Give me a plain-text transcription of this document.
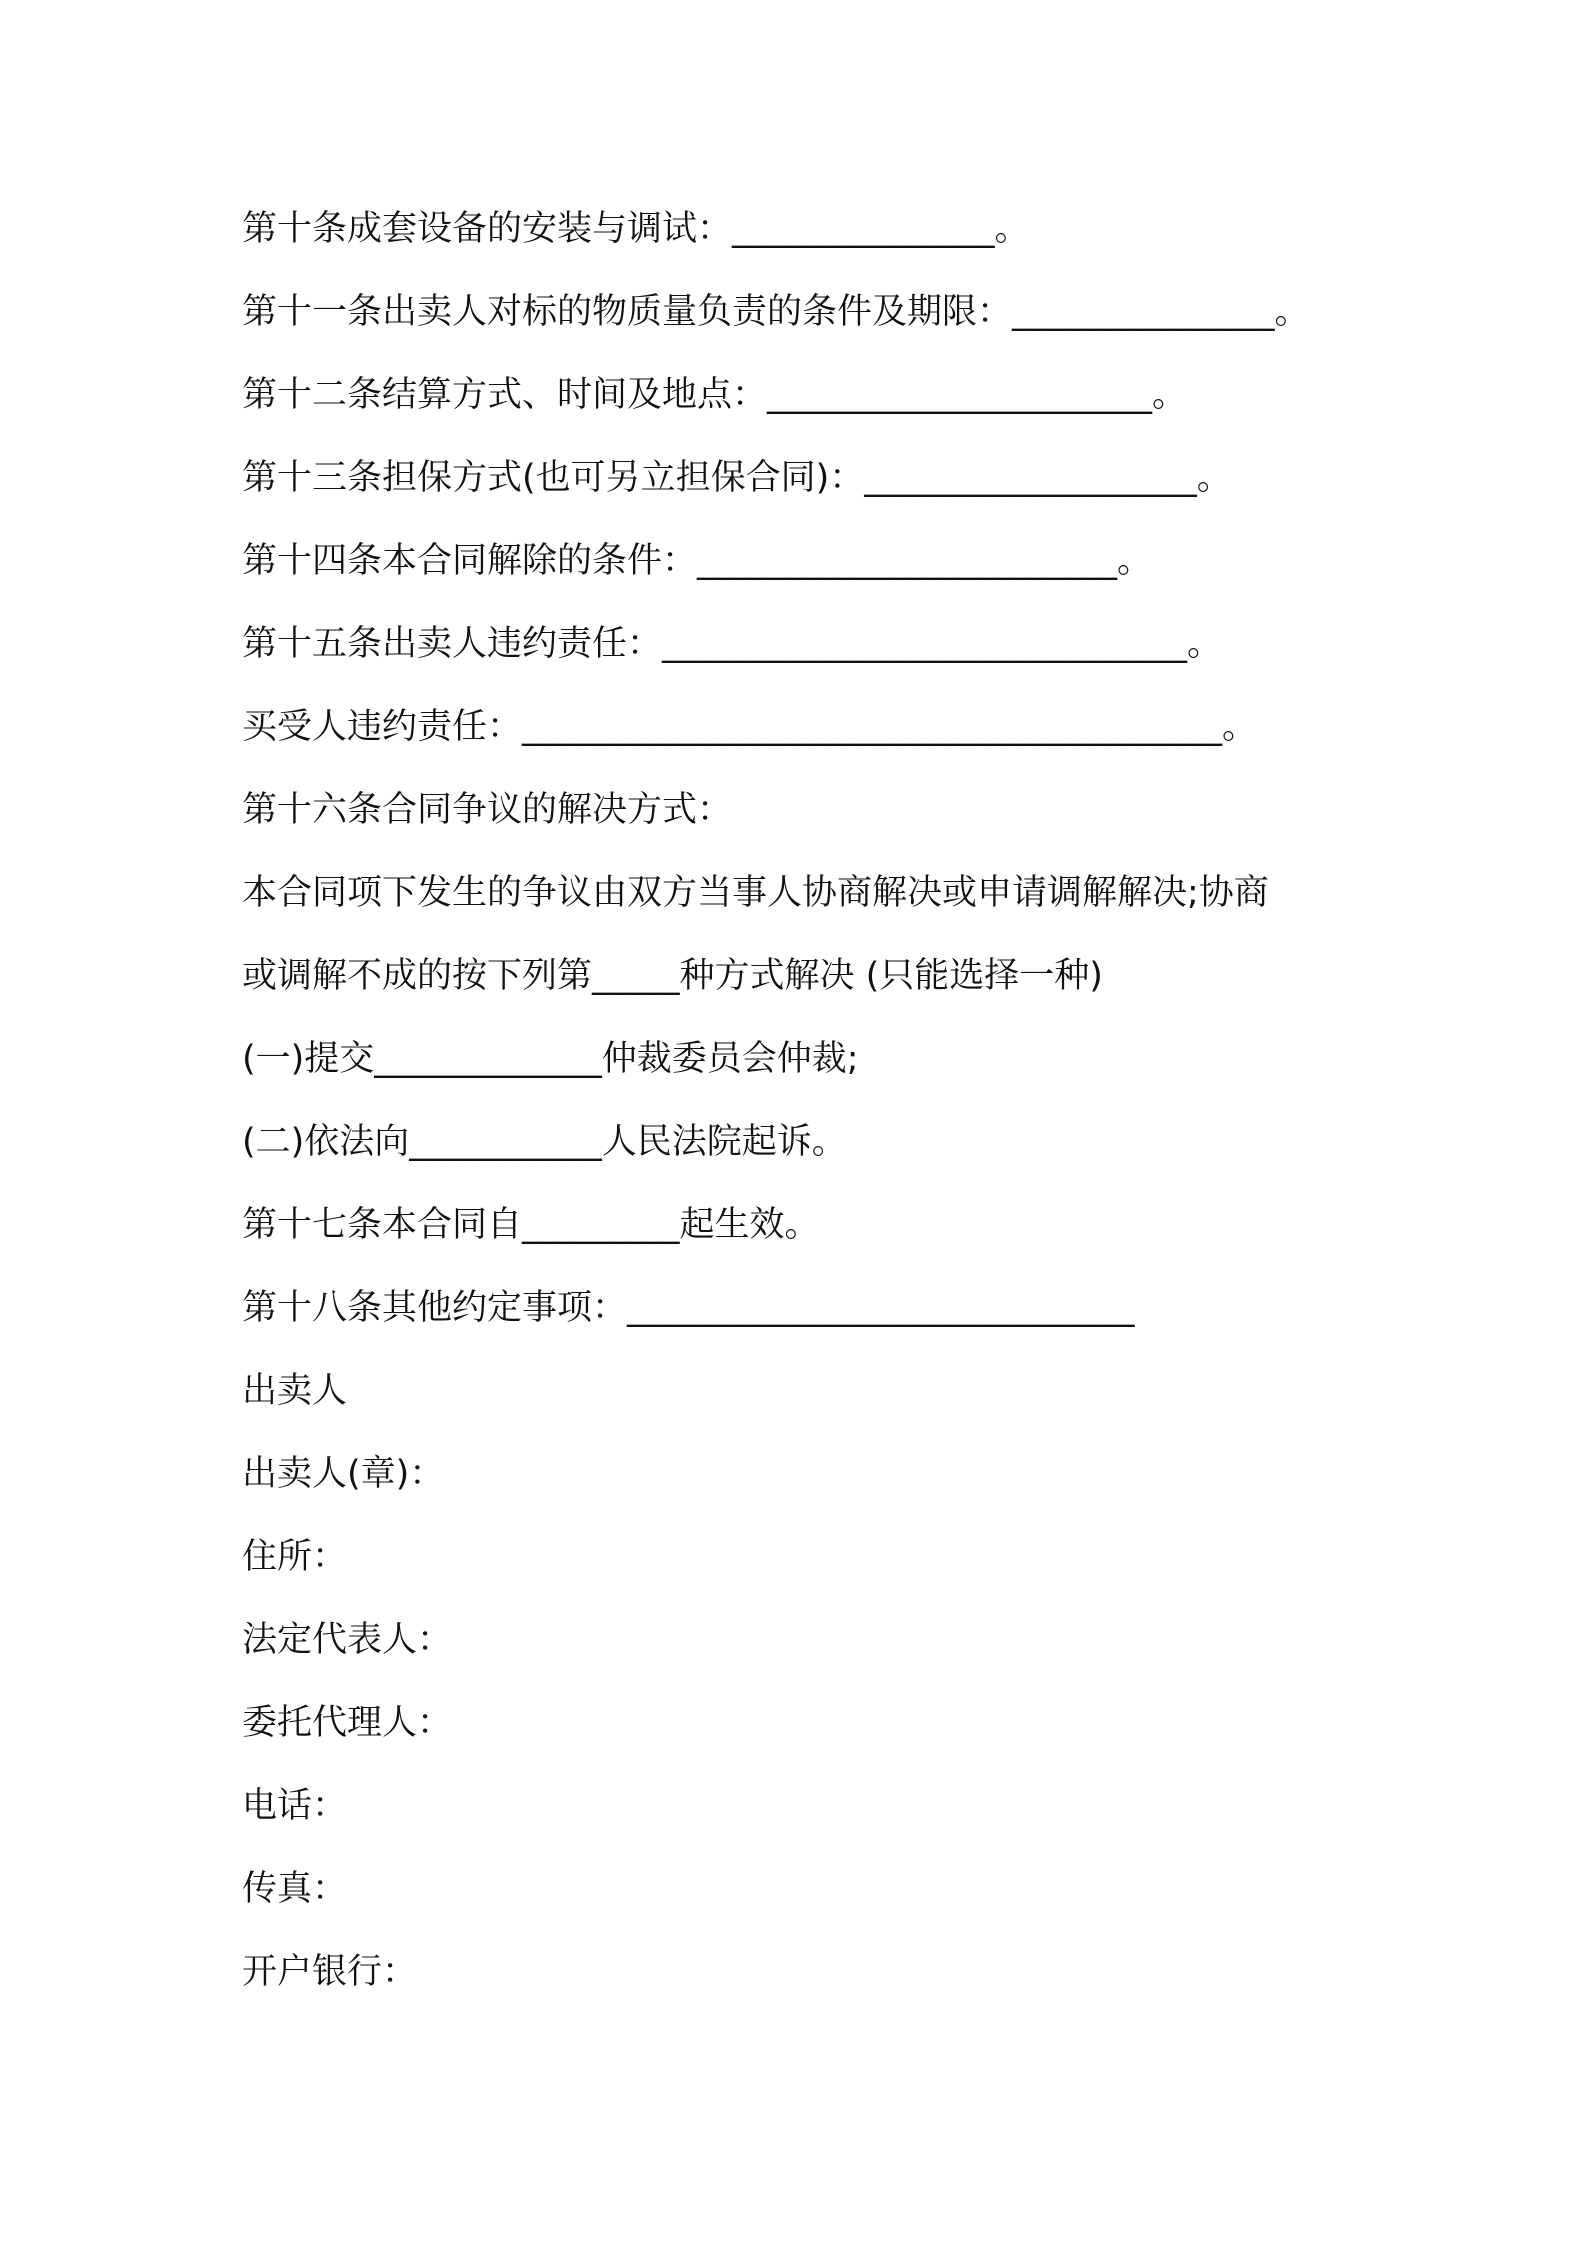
第十条成套设备的安装与调试：_______________。
第十一条出卖人对标的物质量负责的条件及期限：_______________。
第十二条结算方式、时间及地点：______________________。
第十三条担保方式(也可另立担保合同)：___________________。
第十四条本合同解除的条件：________________________。
第十五条出卖人违约责任：______________________________。
买受人违约责任：________________________________________。
第十六条合同争议的解决方式：
本合同项下发生的争议由双方当事人协商解决或申请调解解决;协商
或调解不成的按下列第_____种方式解决 (只能选择一种)
(一)提交_____________仲裁委员会仲裁;
(二)依法向___________人民法院起诉。
第十七条本合同自_________起生效。
第十八条其他约定事项：_____________________________
出卖人
出卖人(章)：
住所：
法定代表人：
委托代理人：
电话：
传真：
开户银行：
